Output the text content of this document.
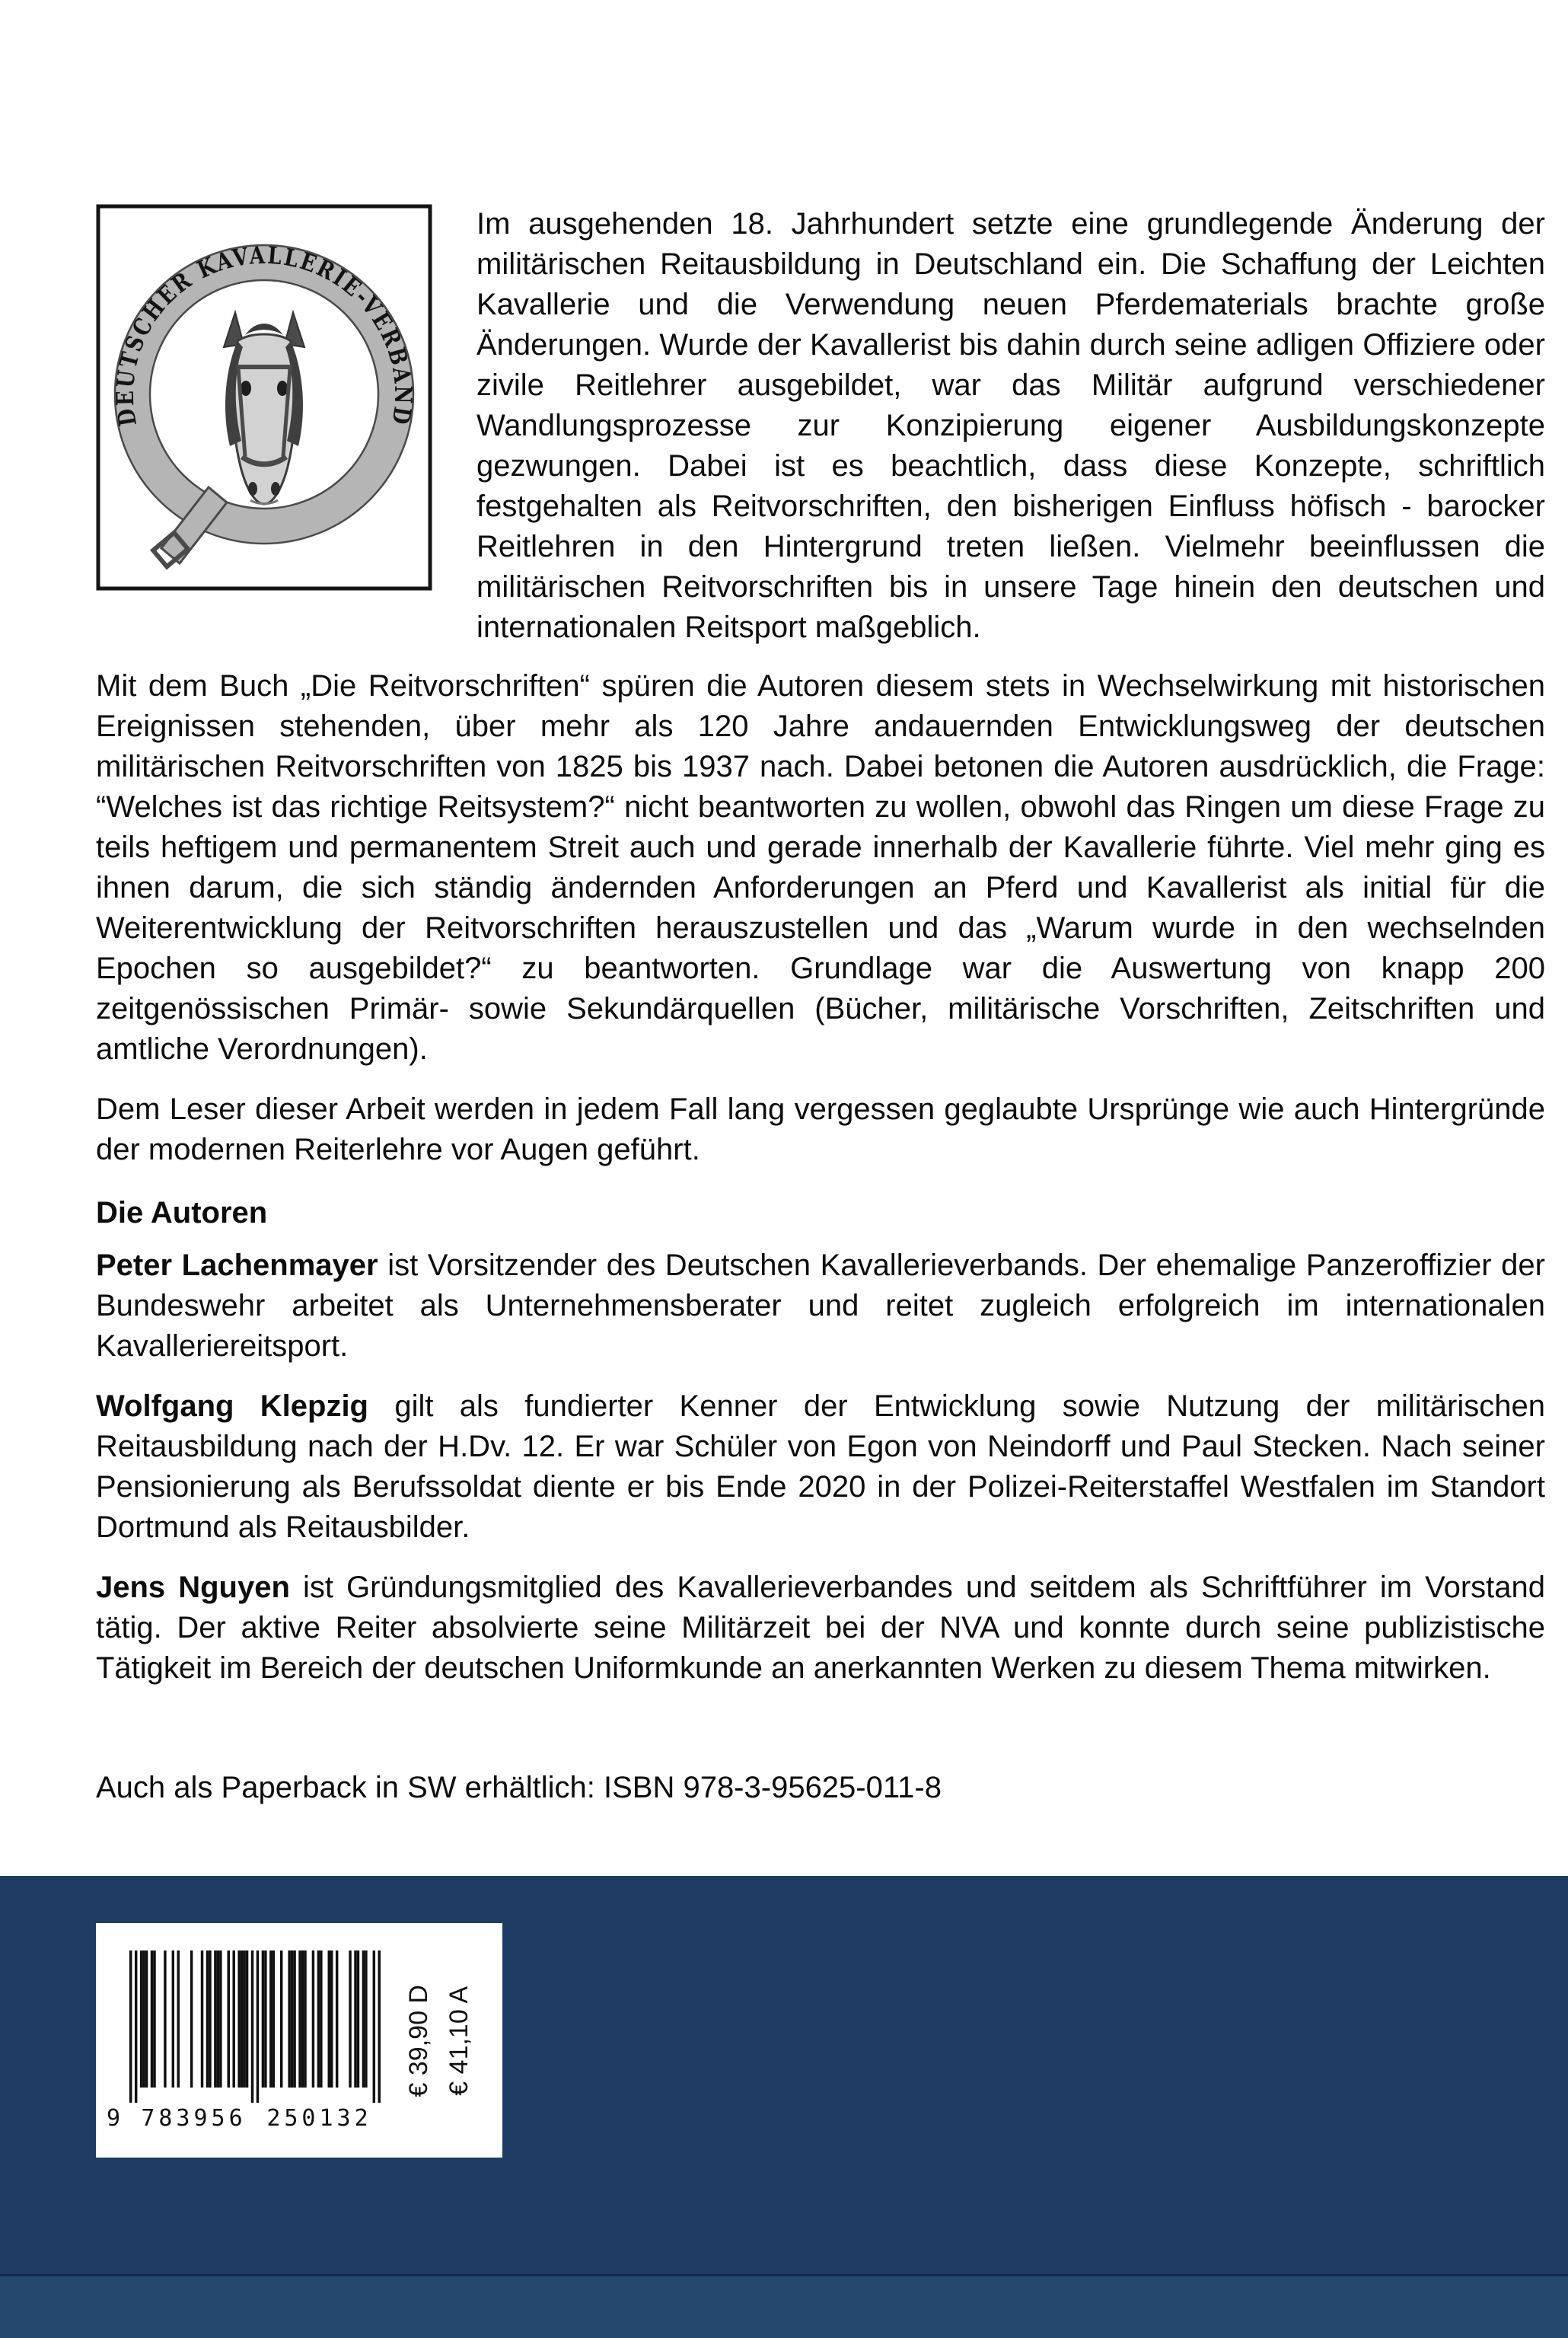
DEUTSCHER KAVALLERIE-VERBAND

Im ausgehenden 18. Jahrhundert setzte eine grundlegende Änderung der militärischen Reitausbildung in Deutschland ein. Die Schaffung der Leichten Kavallerie und die Verwendung neuen Pferdematerials brachte große Änderungen. Wurde der Kavallerist bis dahin durch seine adligen Offiziere oder zivile Reitlehrer ausgebildet, war das Militär aufgrund verschiedener Wandlungsprozesse zur Konzipierung eigener Ausbildungskonzepte gezwungen. Dabei ist es beachtlich, dass diese Konzepte, schriftlich festgehalten als Reitvorschriften, den bisherigen Einfluss höfisch - barocker Reitlehren in den Hintergrund treten ließen. Vielmehr beeinflussen die militärischen Reitvorschriften bis in unsere Tage hinein den deutschen und internationalen Reitsport maßgeblich.

Mit dem Buch „Die Reitvorschriften“ spüren die Autoren diesem stets in Wechselwirkung mit historischen Ereignissen stehenden, über mehr als 120 Jahre andauernden Entwicklungsweg der deutschen militärischen Reitvorschriften von 1825 bis 1937 nach. Dabei betonen die Autoren ausdrücklich, die Frage: “Welches ist das richtige Reitsystem?“ nicht beantworten zu wollen, obwohl das Ringen um diese Frage zu teils heftigem und permanentem Streit auch und gerade innerhalb der Kavallerie führte. Viel mehr ging es ihnen darum, die sich ständig ändernden Anforderungen an Pferd und Kavallerist als initial für die Weiterentwicklung der Reitvorschriften herauszustellen und das „Warum wurde in den wechselnden Epochen so ausgebildet?“ zu beantworten. Grundlage war die Auswertung von knapp 200 zeitgenössischen Primär- sowie Sekundärquellen (Bücher, militärische Vorschriften, Zeitschriften und amtliche Verordnungen).

Dem Leser dieser Arbeit werden in jedem Fall lang vergessen geglaubte Ursprünge wie auch Hintergründe der modernen Reiterlehre vor Augen geführt.

Die Autoren

Peter Lachenmayer ist Vorsitzender des Deutschen Kavallerieverbands. Der ehemalige Panzeroffizier der Bundeswehr arbeitet als Unternehmensberater und reitet zugleich erfolgreich im internationalen Kavalleriereitsport.

Wolfgang Klepzig gilt als fundierter Kenner der Entwicklung sowie Nutzung der militärischen Reitausbildung nach der H.Dv. 12. Er war Schüler von Egon von Neindorff und Paul Stecken. Nach seiner Pensionierung als Berufssoldat diente er bis Ende 2020 in der Polizei-Reiterstaffel Westfalen im Standort Dortmund als Reitausbilder.

Jens Nguyen ist Gründungsmitglied des Kavallerieverbandes und seitdem als Schriftführer im Vorstand tätig. Der aktive Reiter absolvierte seine Militärzeit bei der NVA und konnte durch seine publizistische Tätigkeit im Bereich der deutschen Uniformkunde an anerkannten Werken zu diesem Thema mitwirken.

Auch als Paperback in SW erhältlich: ISBN 978-3-95625-011-8

9 783956 250132
€ 39,90 D € 41,10 A
